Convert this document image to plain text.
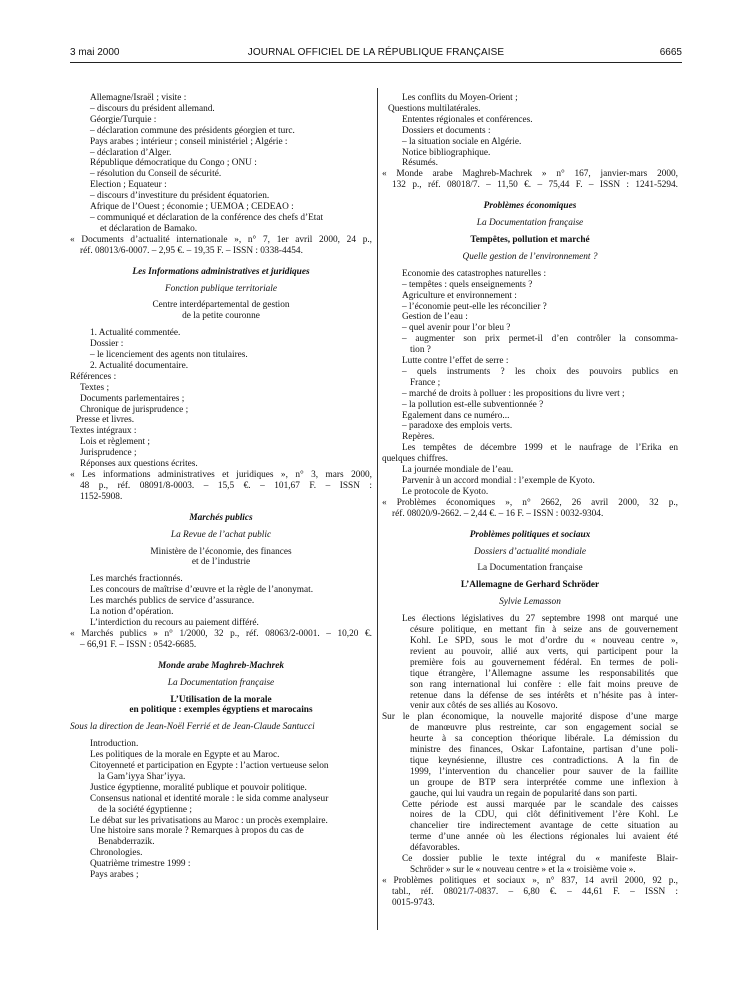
3 mai 2000	JOURNAL OFFICIEL DE LA RÉPUBLIQUE FRANÇAISE	6665

Allemagne/Israël ; visite :

– discours du président allemand.

Géorgie/Turquie :

– déclaration commune des présidents géorgien et turc.

Pays arabes ; intérieur ; conseil ministériel ; Algérie :

– déclaration d’Alger.

République démocratique du Congo ; ONU :

– résolution du Conseil de sécurité.

Election ; Equateur :

– discours d’investiture du président équatorien.

Afrique de l’Ouest ; économie ; UEMOA ; CEDEAO :

– communiqué et déclaration de la conférence des chefs d’Etat

et déclaration de Bamako.

« Documents d’actualité internationale », n° 7, 1er avril 2000, 24 p.,

réf. 08013/6-0007. – 2,95 €. – 19,35 F. – ISSN : 0338-4454.

Les Informations administratives et juridiques

Fonction publique territoriale

Centre interdépartemental de gestion

de la petite couronne

1. Actualité commentée.

Dossier :

– le licenciement des agents non titulaires.

2. Actualité documentaire.

Références :

Textes ;

Documents parlementaires ;

Chronique de jurisprudence ;

Presse et livres.

Textes intégraux :

Lois et règlement ;

Jurisprudence ;

Réponses aux questions écrites.

« Les informations administratives et juridiques », n° 3, mars 2000,

48 p., réf. 08091/8-0003. – 15,5 €. – 101,67 F. – ISSN :

1152-5908.

Marchés publics

La Revue de l’achat public

Ministère de l’économie, des finances

et de l’industrie

Les marchés fractionnés.

Les concours de maîtrise d’œuvre et la règle de l’anonymat.

Les marchés publics de service d’assurance.

La notion d’opération.

L’interdiction du recours au paiement différé.

« Marchés publics » n° 1/2000, 32 p., réf. 08063/2-0001. – 10,20 €.

– 66,91 F. – ISSN : 0542-6685.

Monde arabe Maghreb-Machrek

La Documentation française

L’Utilisation de la morale

en politique : exemples égyptiens et marocains

Sous la direction de Jean-Noël Ferrié et de Jean-Claude Santucci

Introduction.

Les politiques de la morale en Egypte et au Maroc.

Citoyenneté et participation en Egypte : l’action vertueuse selon

la Gam’iyya Shar’iyya.

Justice égyptienne, moralité publique et pouvoir politique.

Consensus national et identité morale : le sida comme analyseur

de la société égyptienne ;

Le débat sur les privatisations au Maroc : un procès exemplaire.

Une histoire sans morale ? Remarques à propos du cas de

Benabderrazik.

Chronologies.

Quatrième trimestre 1999 :

Pays arabes ;

Les conflits du Moyen-Orient ;

Questions multilatérales.

Ententes régionales et conférences.

Dossiers et documents :

– la situation sociale en Algérie.

Notice bibliographique.

Résumés.

« Monde arabe Maghreb-Machrek » n° 167, janvier-mars 2000,

132 p., réf. 08018/7. – 11,50 €. – 75,44 F. – ISSN : 1241-5294.

Problèmes économiques

La Documentation française

Tempêtes, pollution et marché

Quelle gestion de l’environnement ?

Economie des catastrophes naturelles :

– tempêtes : quels enseignements ?

Agriculture et environnement :

– l’économie peut-elle les réconcilier ?

Gestion de l’eau :

– quel avenir pour l’or bleu ?

– augmenter son prix permet-il d’en contrôler la consomma-

tion ?

Lutte contre l’effet de serre :

– quels instruments ? les choix des pouvoirs publics en

France ;

– marché de droits à polluer : les propositions du livre vert ;

– la pollution est-elle subventionnée ?

Egalement dans ce numéro...

– paradoxe des emplois verts.

Repères.

Les tempêtes de décembre 1999 et le naufrage de l’Erika en

quelques chiffres.

La journée mondiale de l’eau.

Parvenir à un accord mondial : l’exemple de Kyoto.

Le protocole de Kyoto.

« Problèmes économiques », n° 2662, 26 avril 2000, 32 p.,

réf. 08020/9-2662. – 2,44 €. – 16 F. – ISSN : 0032-9304.

Problèmes politiques et sociaux

Dossiers d’actualité mondiale

La Documentation française

L’Allemagne de Gerhard Schröder

Sylvie Lemasson

Les élections législatives du 27 septembre 1998 ont marqué une

césure politique, en mettant fin à seize ans de gouvernement

Kohl. Le SPD, sous le mot d’ordre du « nouveau centre »,

revient au pouvoir, allié aux verts, qui participent pour la

première fois au gouvernement fédéral. En termes de poli-

tique étrangère, l’Allemagne assume les responsabilités que

son rang international lui confère : elle fait moins preuve de

retenue dans la défense de ses intérêts et n’hésite pas à inter-

venir aux côtés de ses alliés au Kosovo.

Sur le plan économique, la nouvelle majorité dispose d’une marge

de manœuvre plus restreinte, car son engagement social se

heurte à sa conception théorique libérale. La démission du

ministre des finances, Oskar Lafontaine, partisan d’une poli-

tique keynésienne, illustre ces contradictions. A la fin de

1999, l’intervention du chancelier pour sauver de la faillite

un groupe de BTP sera interprétée comme une inflexion à

gauche, qui lui vaudra un regain de popularité dans son parti.

Cette période est aussi marquée par le scandale des caisses

noires de la CDU, qui clôt définitivement l’ère Kohl. Le

chancelier tire indirectement avantage de cette situation au

terme d’une année où les élections régionales lui avaient été

défavorables.

Ce dossier publie le texte intégral du « manifeste Blair-

Schröder » sur le « nouveau centre » et la « troisième voie ».

« Problèmes politiques et sociaux », n° 837, 14 avril 2000, 92 p.,

tabl., réf. 08021/7-0837. – 6,80 €. – 44,61 F. – ISSN :

0015-9743.
